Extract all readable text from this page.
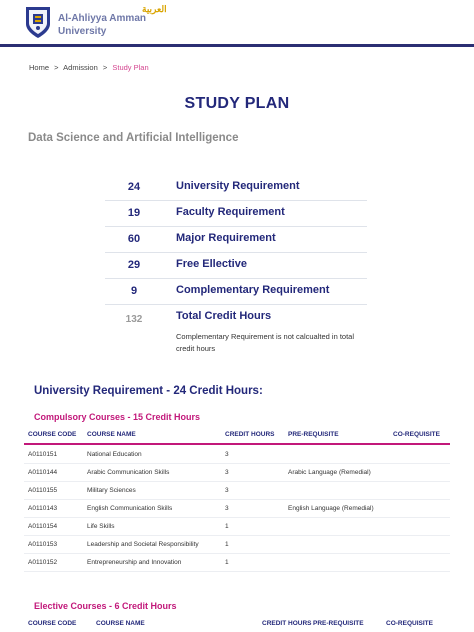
Al-Ahliyya Amman
University
العربية
Home > Admission > Study Plan
STUDY PLAN
Data Science and Artificial Intelligence
24	University Requirement
19	Faculty Requirement
60	Major Requirement
29	Free Ellective
9	Complementary Requirement
132	Total Credit Hours
Complementary Requirement is not calcualted in total credit hours
University Requirement - 24 Credit Hours:
Compulsory Courses - 15 Credit Hours
COURSE CODE COURSE NAME	CREDIT HOURS PRE-REQUISITE	CO-REQUISITE
A0110151	National Education	3
A0110144	Arabic Communication Skills	3	Arabic Language (Remedial)
A0110155	Military Sciences	3
A0110143	English Communication Skills	3	English Language (Remedial)
A0110154	Life Skills	1
A0110153	Leadership and Societal Responsibility	1
A0110152	Entrepreneurship and Innovation	1
Elective Courses - 6 Credit Hours
COURSE CODE	COURSE NAME	CREDIT HOURS PRE-REQUISITE	CO-REQUISITE
